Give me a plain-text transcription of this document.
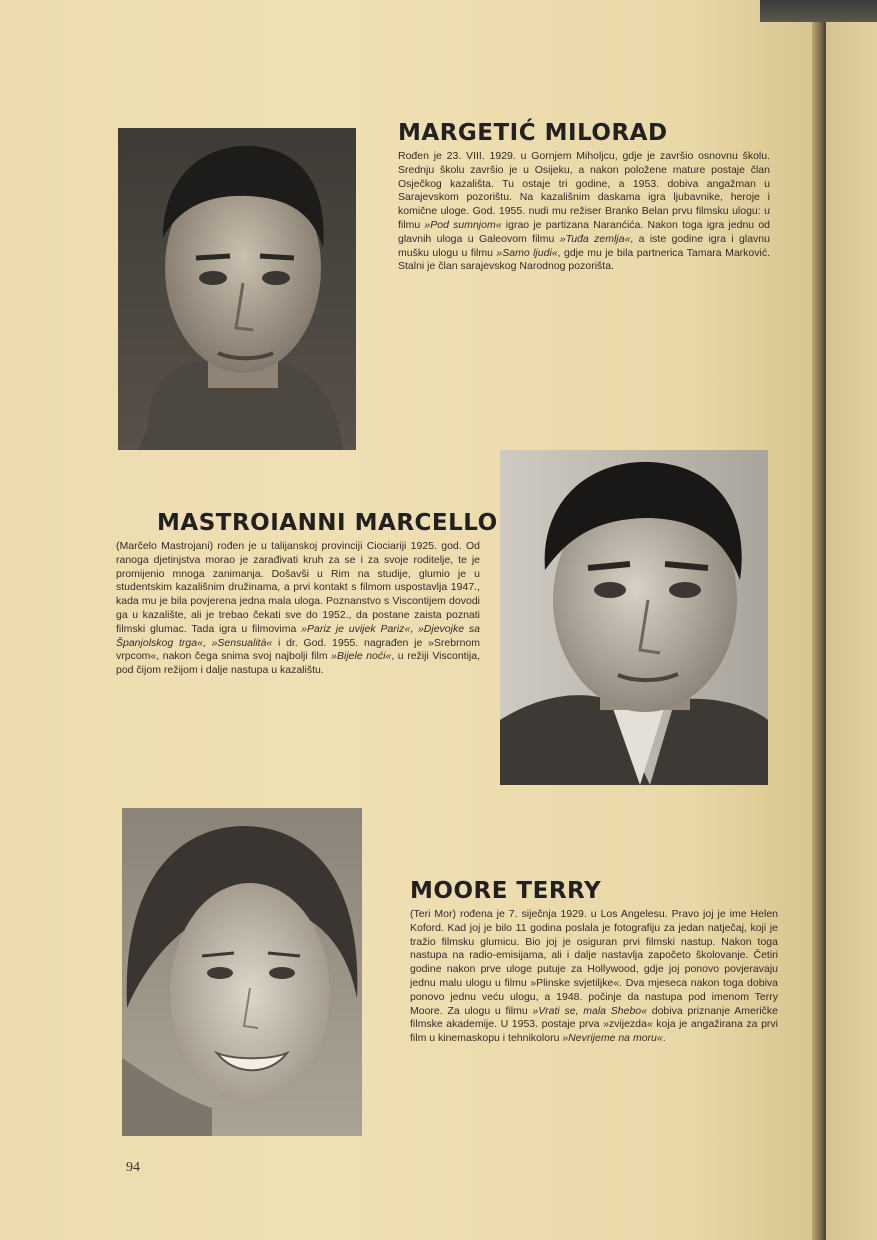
MARGETIĆ MILORAD

Rođen je 23. VIII. 1929. u Gornjem Miholjcu, gdje je završio osnovnu školu. Srednju školu završio je u Osijeku, a nakon položene mature postaje član Osječkog kazališta. Tu ostaje tri godine, a 1953. dobiva angažman u Sarajevskom pozorištu. Na kazališnim daskama igra ljubavnike, heroje i komične uloge. God. 1955. nudi mu režiser Branko Belan prvu filmsku ulogu: u filmu »Pod sumnjom« igrao je partizana Naranćića. Nakon toga igra jednu od glavnih uloga u Galeovom filmu »Tuđa zemlja«, a iste godine igra i glavnu mušku ulogu u filmu »Samo ljudi«, gdje mu je bila partnerica Tamara Marković. Stalni je član sarajevskog Narodnog pozorišta.

MASTROIANNI MARCELLO

(Marčelo Mastrojani) rođen je u talijanskoj provinciji Ciociariji 1925. god. Od ranoga djetinjstva morao je zarađivati kruh za se i za svoje roditelje, te je promijenio mnoga zanimanja. Došavši u Rim na studije, glumio je u studentskim kazališnim družinama, a prvi kontakt s filmom uspostavlja 1947., kada mu je bila povjerena jedna mala uloga. Poznanstvo s Viscontijem dovodi ga u kazalište, ali je trebao čekati sve do 1952., da postane zaista poznati filmski glumac. Tada igra u filmovima »Pariz je uvijek Pariz«, »Djevojke sa Španjolskog trga«, »Sensualità« i dr. God. 1955. nagrađen je »Srebrnom vrpcom«, nakon čega snima svoj najbolji film »Bijele noći«, u režiji Viscontija, pod čijom režijom i dalje nastupa u kazalištu.

MOORE TERRY

(Teri Mor) rođena je 7. siječnja 1929. u Los Angelesu. Pravo joj je ime Helen Koford. Kad joj je bilo 11 godina poslala je fotografiju za jedan natječaj, koji je tražio filmsku glumicu. Bio joj je osiguran prvi filmski nastup. Nakon toga nastupa na radio-emisijama, ali i dalje nastavlja započeto školovanje. Četiri godine nakon prve uloge putuje za Hollywood, gdje joj ponovo povjeravaju jednu malu ulogu u filmu »Plinske svjetiljke«. Dva mjeseca nakon toga dobiva ponovo jednu veću ulogu, a 1948. počinje da nastupa pod imenom Terry Moore. Za ulogu u filmu »Vrati se, mala Shebo« dobiva priznanje Američke filmske akademije. U 1953. postaje prva »zvijezda« koja je angažirana za prvi film u kinemaskopu i tehnikoloru »Nevrijeme na moru«.

94
